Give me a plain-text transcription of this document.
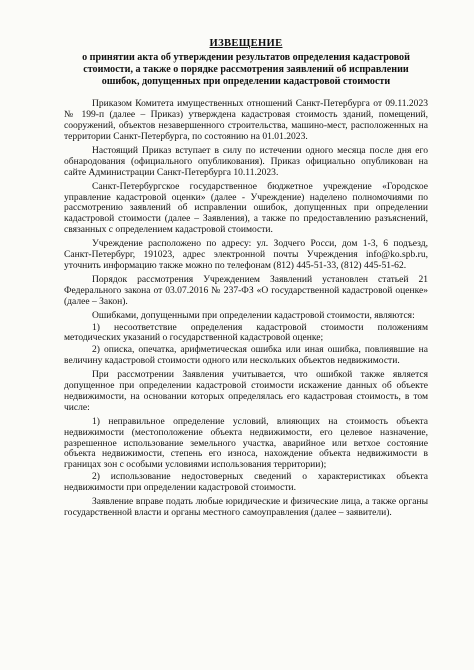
ИЗВЕЩЕНИЕ
о принятии акта об утверждении результатов определения кадастровой стоимости, а также о порядке рассмотрения заявлений об исправлении ошибок, допущенных при определении кадастровой стоимости

Приказом Комитета имущественных отношений Санкт-Петербурга от 09.11.2023 № 199-п (далее – Приказ) утверждена кадастровая стоимость зданий, помещений, сооружений, объектов незавершенного строительства, машино-мест, расположенных на территории Санкт-Петербурга, по состоянию на 01.01.2023.

Настоящий Приказ вступает в силу по истечении одного месяца после дня его обнародования (официального опубликования). Приказ официально опубликован на сайте Администрации Санкт-Петербурга 10.11.2023.

Санкт-Петербургское государственное бюджетное учреждение «Городское управление кадастровой оценки» (далее - Учреждение) наделено полномочиями по рассмотрению заявлений об исправлении ошибок, допущенных при определении кадастровой стоимости (далее – Заявления), а также по предоставлению разъяснений, связанных с определением кадастровой стоимости.

Учреждение расположено по адресу: ул. Зодчего Росси, дом 1-3, 6 подъезд, Санкт-Петербург, 191023, адрес электронной почты Учреждения info@ko.spb.ru, уточнить информацию также можно по телефонам (812) 445-51-33, (812) 445-51-62.

Порядок рассмотрения Учреждением Заявлений установлен статьей 21 Федерального закона от 03.07.2016 № 237-ФЗ «О государственной кадастровой оценке» (далее – Закон).

Ошибками, допущенными при определении кадастровой стоимости, являются:

1) несоответствие определения кадастровой стоимости положениям методических указаний о государственной кадастровой оценке;

2) описка, опечатка, арифметическая ошибка или иная ошибка, повлиявшие на величину кадастровой стоимости одного или нескольких объектов недвижимости.

При рассмотрении Заявления учитывается, что ошибкой также является допущенное при определении кадастровой стоимости искажение данных об объекте недвижимости, на основании которых определялась его кадастровая стоимость, в том числе:

1) неправильное определение условий, влияющих на стоимость объекта недвижимости (местоположение объекта недвижимости, его целевое назначение, разрешенное использование земельного участка, аварийное или ветхое состояние объекта недвижимости, степень его износа, нахождение объекта недвижимости в границах зон с особыми условиями использования территории);

2) использование недостоверных сведений о характеристиках объекта недвижимости при определении кадастровой стоимости.

Заявление вправе подать любые юридические и физические лица, а также органы государственной власти и органы местного самоуправления (далее – заявители).
